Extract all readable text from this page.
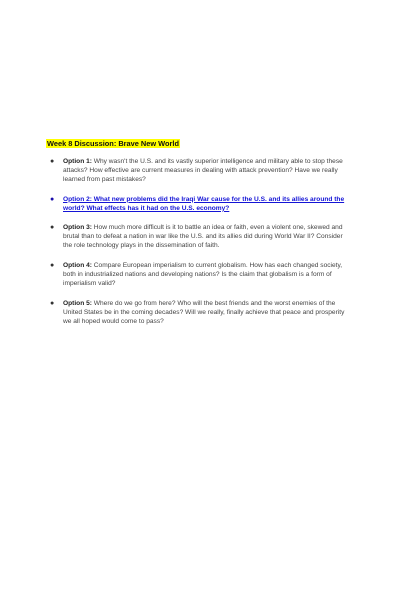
Week 8 Discussion: Brave New World
● Option 1: Why wasn't the U.S. and its vastly superior intelligence and military able to stop these attacks? How effective are current measures in dealing with attack prevention? Have we really learned from past mistakes?
● Option 2: What new problems did the Iraqi War cause for the U.S. and its allies around the world? What effects has it had on the U.S. economy?
● Option 3: How much more difficult is it to battle an idea or faith, even a violent one, skewed and brutal than to defeat a nation in war like the U.S. and its allies did during World War II? Consider the role technology plays in the dissemination of faith.
● Option 4: Compare European imperialism to current globalism. How has each changed society, both in industrialized nations and developing nations? Is the claim that globalism is a form of imperialism valid?
● Option 5: Where do we go from here? Who will the best friends and the worst enemies of the United States be in the coming decades? Will we really, finally achieve that peace and prosperity we all hoped would come to pass?
